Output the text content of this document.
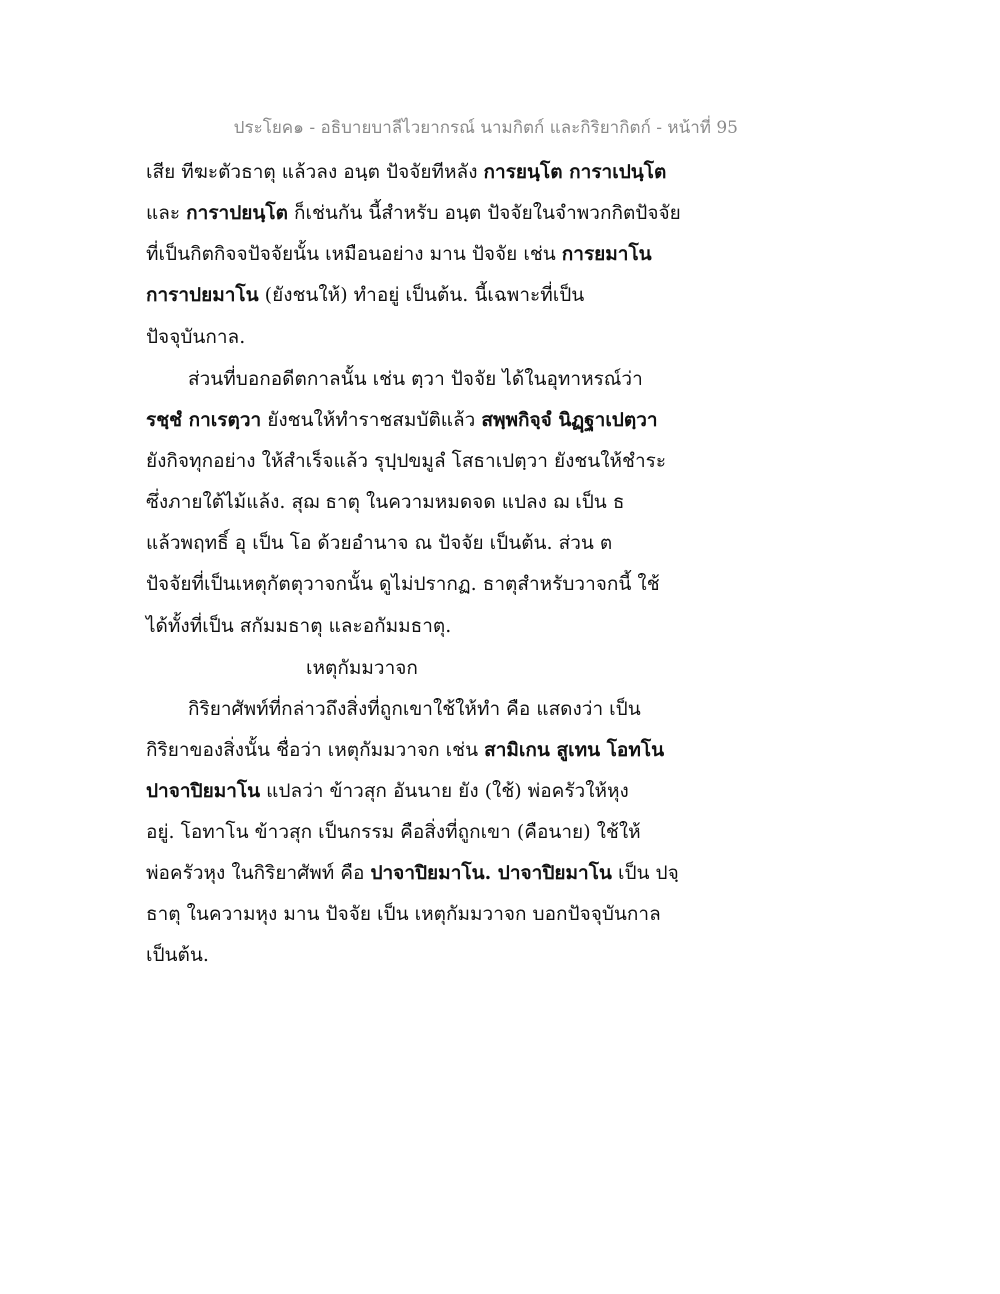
ประโยค๑ - อธิบายบาลีไวยากรณ์ นามกิตก์ และกิริยากิตก์ - หน้าที่ 95
เสีย ทีฆะตัวธาตุ แล้วลง อนฺต ปัจจัยทีหลัง การยนฺโต การาเปนฺโต
และ การาปยนฺโต ก็เช่นกัน นี้สำหรับ อนฺต ปัจจัยในจำพวกกิตปัจจัย
ที่เป็นกิตกิจจปัจจัยนั้น เหมือนอย่าง มาน ปัจจัย เช่น การยมาโน
การาปยมาโน (ยังชนให้) ทำอยู่ เป็นต้น. นี้เฉพาะที่เป็น
ปัจจุบันกาล.
ส่วนที่บอกอดีตกาลนั้น เช่น ตฺวา ปัจจัย ได้ในอุทาหรณ์ว่า
รชฺชํ กาเรตฺวา ยังชนให้ทำราชสมบัติแล้ว สพฺพกิจฺจํ นิฏฺฐาเปตฺวา
ยังกิจทุกอย่าง ให้สำเร็จแล้ว รุปฺปขมูลํ โสธาเปตฺวา ยังชนให้ชำระ
ซึ่งภายใต้ไม้แล้ง. สุฌ ธาตุ ในความหมดจด แปลง ฌ เป็น ธ
แล้วพฤทธิ์ อุ เป็น โอ ด้วยอำนาจ ณ ปัจจัย เป็นต้น. ส่วน ต
ปัจจัยที่เป็นเหตุกัตตุวาจกนั้น ดูไม่ปรากฏ. ธาตุสำหรับวาจกนี้ ใช้
ได้ทั้งที่เป็น สกัมมธาตุ และอกัมมธาตุ.
เหตุกัมมวาจก
กิริยาศัพท์ที่กล่าวถึงสิ่งที่ถูกเขาใช้ให้ทำ คือ แสดงว่า เป็น
กิริยาของสิ่งนั้น ชื่อว่า เหตุกัมมวาจก เช่น สามิเกน สูเทน โอทโน
ปาจาปิยมาโน แปลว่า ข้าวสุก อันนาย ยัง (ใช้) พ่อครัวให้หุง
อยู่. โอทาโน ข้าวสุก เป็นกรรม คือสิ่งที่ถูกเขา (คือนาย) ใช้ให้
พ่อครัวหุง ในกิริยาศัพท์ คือ ปาจาปิยมาโน. ปาจาปิยมาโน เป็น ปจฺ
ธาตุ ในความหุง มาน ปัจจัย เป็น เหตุกัมมวาจก บอกปัจจุบันกาล
เป็นต้น.
